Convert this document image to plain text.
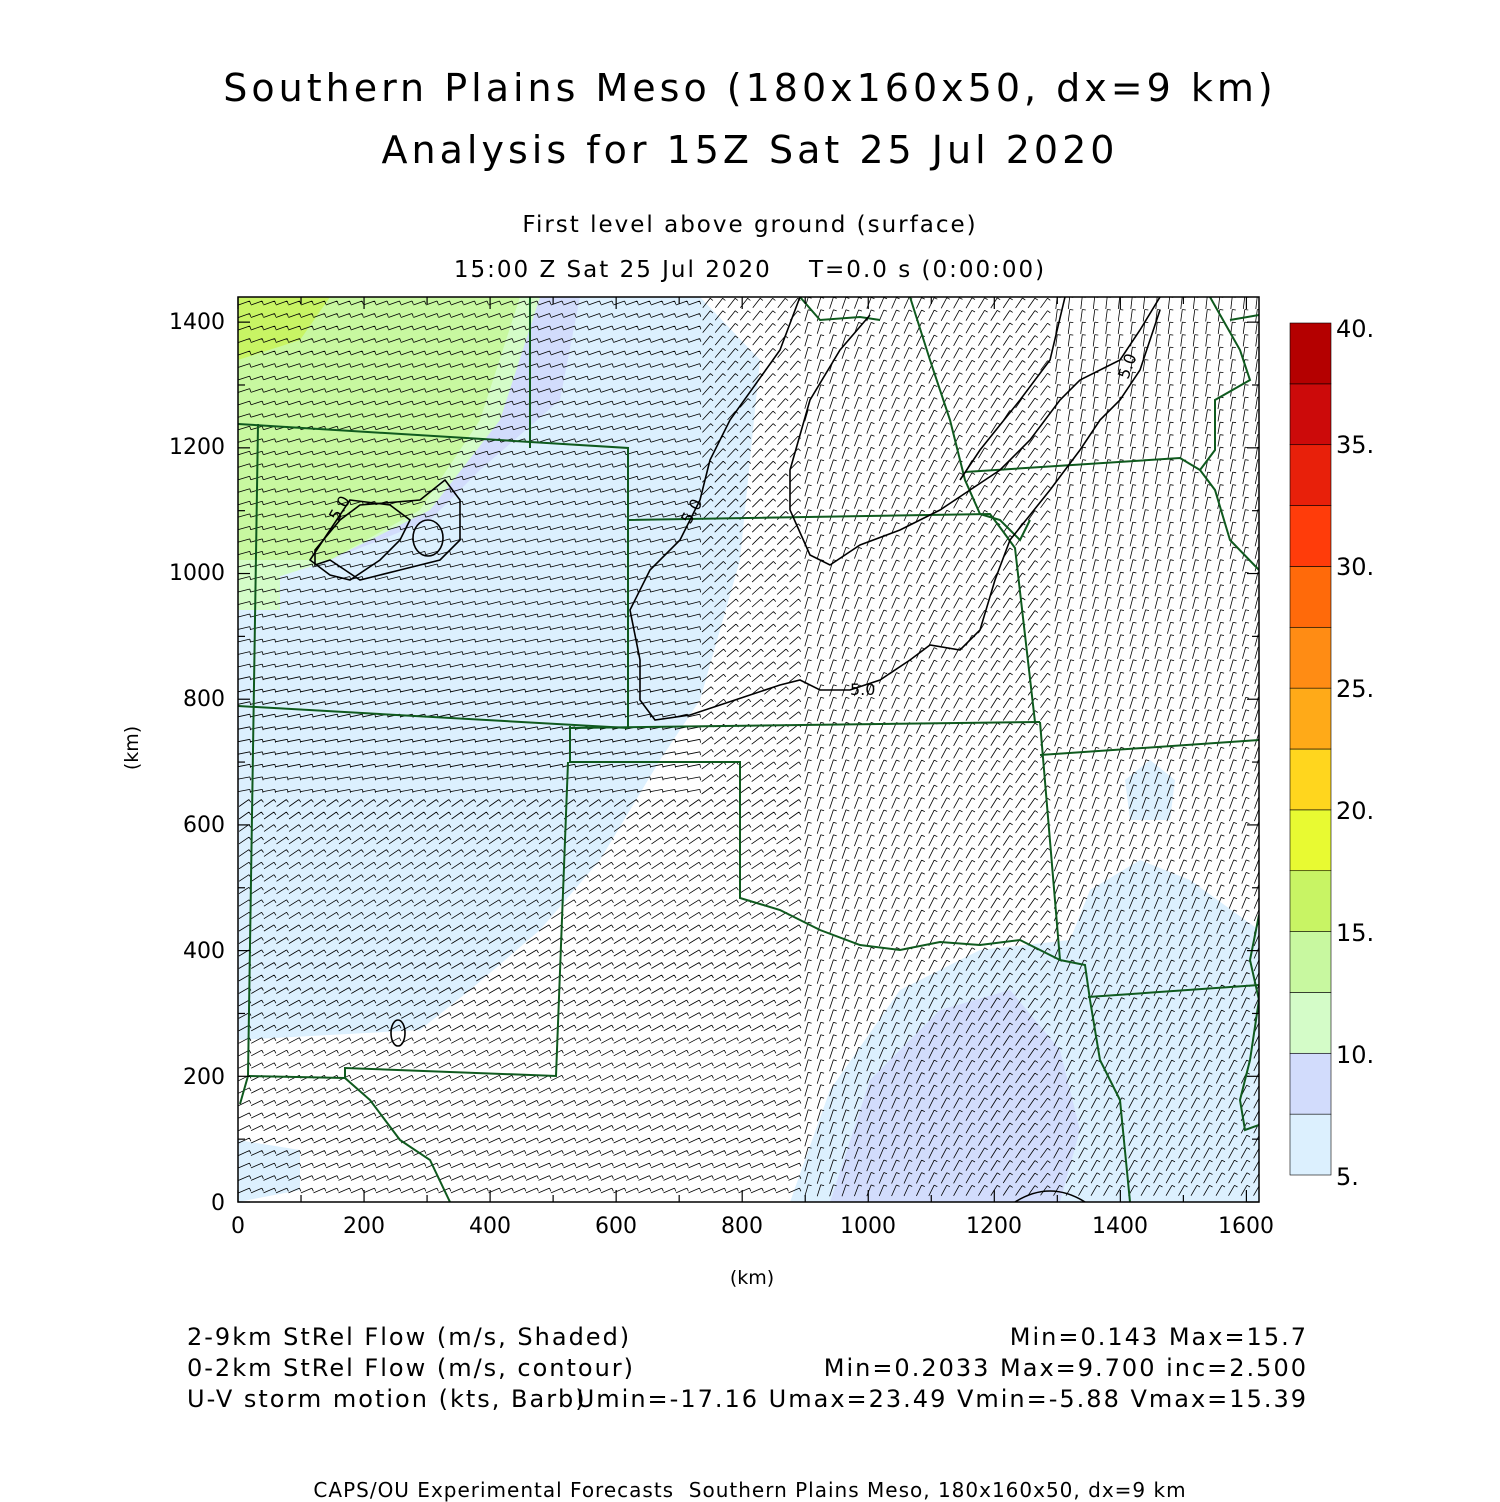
Southern Plains Meso (180x160x50, dx=9 km)
Analysis for 15Z Sat 25 Jul 2020
First level above ground (surface)
15:00 Z Sat 25 Jul 2020    T=0.0 s (0:00:00)
5.0
5.0
5.0	5.0
0	200	400	600	800	1000	1200	1400	1600
0
200
400
600
800
1000
1200
1400
(km)
(km)
5.
10.
15.
20.
25.
30.
35.
40.
2-9km StRel Flow (m/s, Shaded)	Min=0.143 Max=15.7
0-2km StRel Flow (m/s, contour)	Min=0.2033 Max=9.700 inc=2.500
U-V storm motion (kts, Barb)
Umin=-17.16 Umax=23.49 Vmin=-5.88 Vmax=15.39
CAPS/OU Experimental Forecasts  Southern Plains Meso, 180x160x50, dx=9 km
